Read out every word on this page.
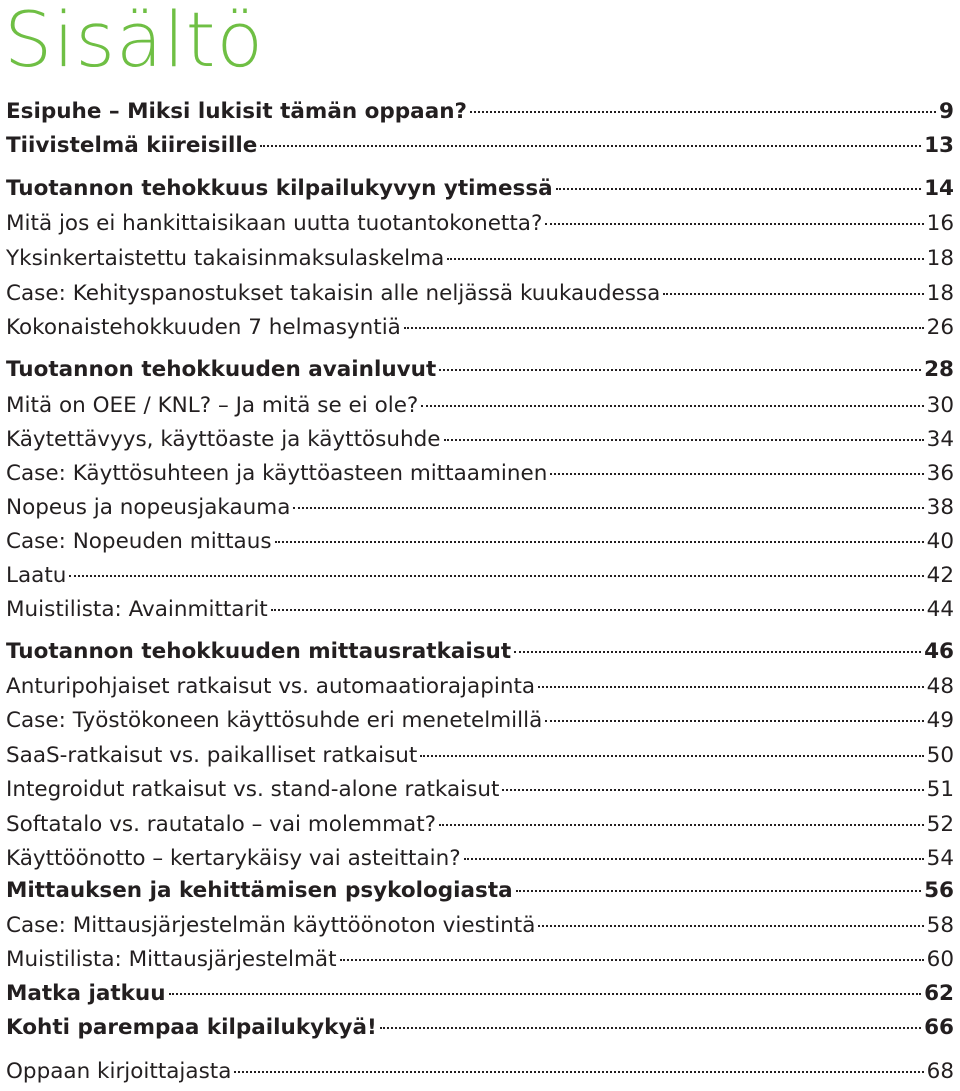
Sisältö
Esipuhe – Miksi lukisit tämän oppaan?	9
Tiivistelmä kiireisille	13
Tuotannon tehokkuus kilpailukyvyn ytimessä	14
Mitä jos ei hankittaisikaan uutta tuotantokonetta?	16
Yksinkertaistettu takaisinmaksulaskelma	18
Case: Kehityspanostukset takaisin alle neljässä kuukaudessa	18
Kokonaistehokkuuden 7 helmasyntiä	26
Tuotannon tehokkuuden avainluvut	28
Mitä on OEE / KNL? – Ja mitä se ei ole?	30
Käytettävyys, käyttöaste ja käyttösuhde	34
Case: Käyttösuhteen ja käyttöasteen mittaaminen	36
Nopeus ja nopeusjakauma	38
Case: Nopeuden mittaus	40
Laatu	42
Muistilista: Avainmittarit	44
Tuotannon tehokkuuden mittausratkaisut	46
Anturipohjaiset ratkaisut vs. automaatiorajapinta	48
Case: Työstökoneen käyttösuhde eri menetelmillä	49
SaaS-ratkaisut vs. paikalliset ratkaisut	50
Integroidut ratkaisut vs. stand-alone ratkaisut	51
Softatalo vs. rautatalo – vai molemmat?	52
Käyttöönotto – kertarykäisy vai asteittain?	54
Mittauksen ja kehittämisen psykologiasta	56
Case: Mittausjärjestelmän käyttöönoton viestintä	58
Muistilista: Mittausjärjestelmät	60
Matka jatkuu	62
Kohti parempaa kilpailukykyä!	66
Oppaan kirjoittajasta	68
